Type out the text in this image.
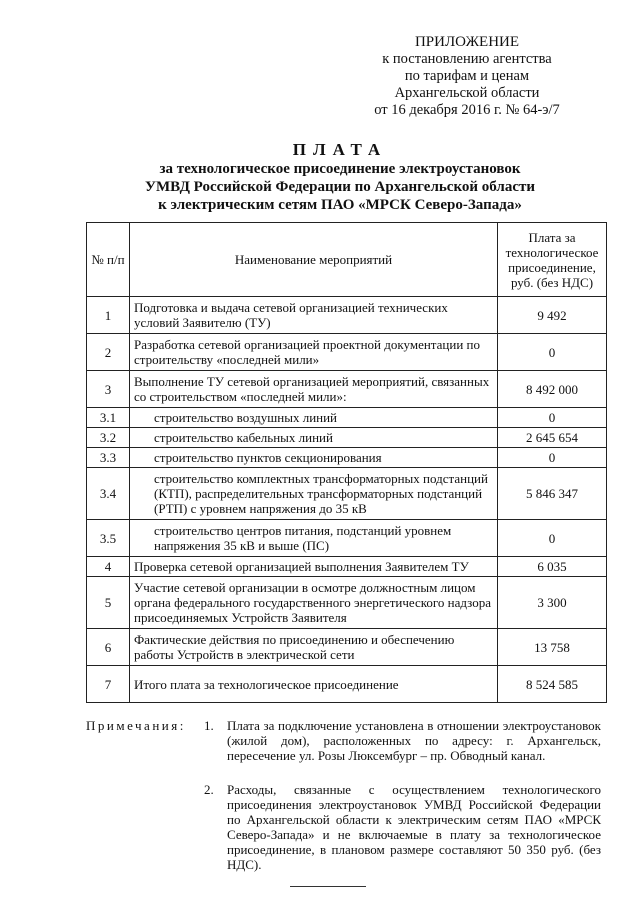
ПРИЛОЖЕНИЕ
к постановлению агентства
по тарифам и ценам
Архангельской области
от 16 декабря 2016 г. № 64-э/7
ПЛАТА
за технологическое присоединение электроустановок
УМВД Российской Федерации по Архангельской области
к электрическим сетям ПАО «МРСК Северо-Запада»
№ п/п	Наименование мероприятий	Плата за технологическое присоединение, руб. (без НДС)
1	Подготовка и выдача сетевой организацией технических условий Заявителю (ТУ)	9 492
2	Разработка сетевой организацией проектной документации по строительству «последней мили»	0
3	Выполнение ТУ сетевой организацией мероприятий, связанных со строительством «последней мили»:	8 492 000
3.1	строительство воздушных линий	0
3.2	строительство кабельных линий	2 645 654
3.3	строительство пунктов секционирования	0
3.4	строительство комплектных трансформаторных подстанций (КТП), распределительных трансформаторных подстанций (РТП) с уровнем напряжения до 35 кВ	5 846 347
3.5	строительство центров питания, подстанций уровнем напряжения 35 кВ и выше (ПС)	0
4	Проверка сетевой организацией выполнения Заявителем ТУ	6 035
5	Участие сетевой организации в осмотре должностным лицом органа федерального государственного энергетического надзора присоединяемых Устройств Заявителя	3 300
6	Фактические действия по присоединению и обеспечению работы Устройств в электрической сети	13 758
7	Итого плата за технологическое присоединение	8 524 585
Примечания: 1. Плата за подключение установлена в отношении электроустановок (жилой дом), расположенных по адресу: г. Архангельск, пересечение ул. Розы Люксембург – пр. Обводный канал.
2. Расходы, связанные с осуществлением технологического присоединения электроустановок УМВД Российской Федерации по Архангельской области к электрическим сетям ПАО «МРСК Северо-Запада» и не включаемые в плату за технологическое присоединение, в плановом размере составляют 50 350 руб. (без НДС).
